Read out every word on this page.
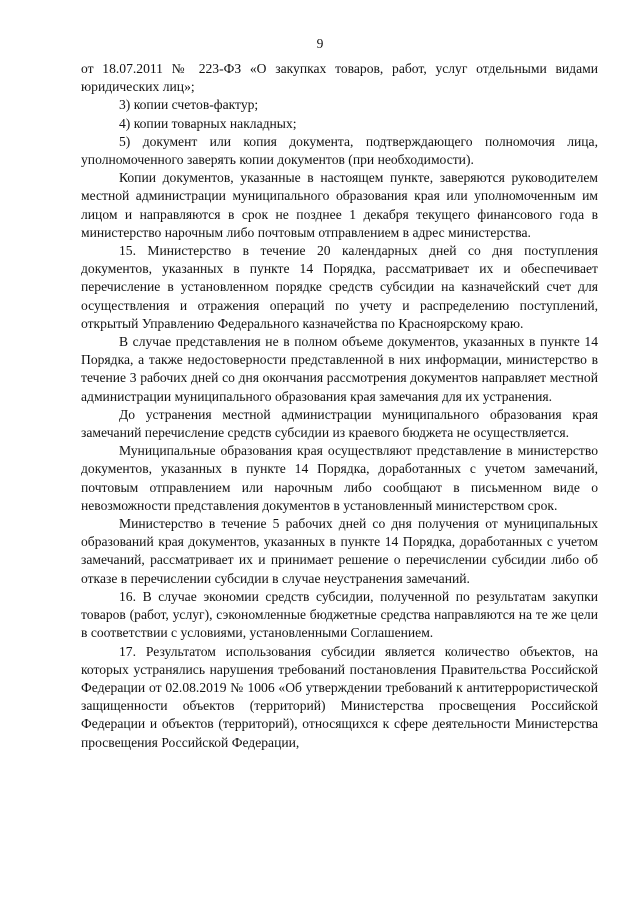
9

от 18.07.2011 № 223-ФЗ «О закупках товаров, работ, услуг отдельными видами юридических лиц»;

3) копии счетов-фактур;

4) копии товарных накладных;

5) документ или копия документа, подтверждающего полномочия лица, уполномоченного заверять копии документов (при необходимости).

Копии документов, указанные в настоящем пункте, заверяются руководителем местной администрации муниципального образования края или уполномоченным им лицом и направляются в срок не позднее 1 декабря текущего финансового года в министерство нарочным либо почтовым отправлением в адрес министерства.

15. Министерство в течение 20 календарных дней со дня поступления документов, указанных в пункте 14 Порядка, рассматривает их и обеспечивает перечисление в установленном порядке средств субсидии на казначейский счет для осуществления и отражения операций по учету и распределению поступлений, открытый Управлению Федерального казначейства по Красноярскому краю.

В случае представления не в полном объеме документов, указанных в пункте 14 Порядка, а также недостоверности представленной в них информации, министерство в течение 3 рабочих дней со дня окончания рассмотрения документов направляет местной администрации муниципального образования края замечания для их устранения.

До устранения местной администрации муниципального образования края замечаний перечисление средств субсидии из краевого бюджета не осуществляется.

Муниципальные образования края осуществляют представление в министерство документов, указанных в пункте 14 Порядка, доработанных с учетом замечаний, почтовым отправлением или нарочным либо сообщают в письменном виде о невозможности представления документов в установленный министерством срок.

Министерство в течение 5 рабочих дней со дня получения от муниципальных образований края документов, указанных в пункте 14 Порядка, доработанных с учетом замечаний, рассматривает их и принимает решение о перечислении субсидии либо об отказе в перечислении субсидии в случае неустранения замечаний.

16. В случае экономии средств субсидии, полученной по результатам закупки товаров (работ, услуг), сэкономленные бюджетные средства направляются на те же цели в соответствии с условиями, установленными Соглашением.

17. Результатом использования субсидии является количество объектов, на которых устранялись нарушения требований постановления Правительства Российской Федерации от 02.08.2019 № 1006 «Об утверждении требований к антитеррористической защищенности объектов (территорий) Министерства просвещения Российской Федерации и объектов (территорий), относящихся к сфере деятельности Министерства просвещения Российской Федерации,
